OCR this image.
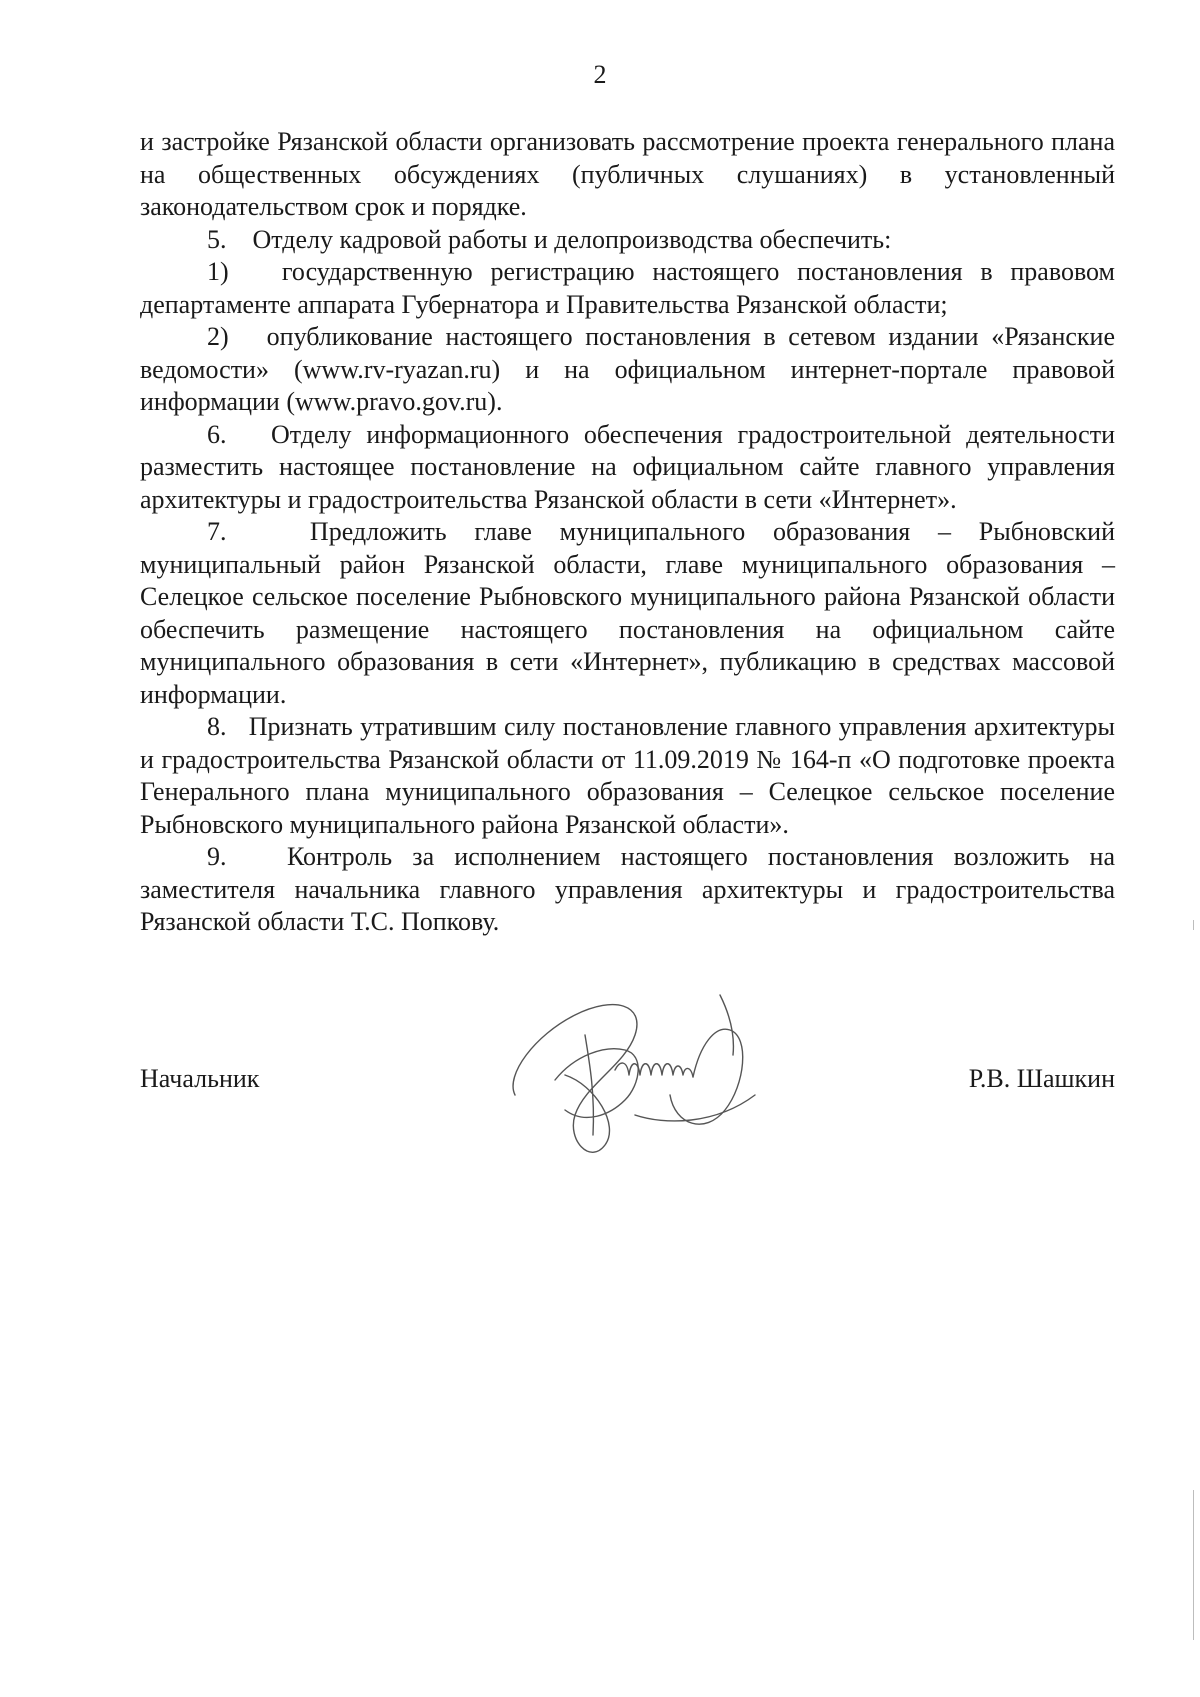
2

и застройке Рязанской области организовать рассмотрение проекта генерального плана на общественных обсуждениях (публичных слушаниях) в установленный законодательством срок и порядке.

5.    Отделу кадровой работы и делопроизводства обеспечить:

1)   государственную регистрацию настоящего постановления в правовом департаменте аппарата Губернатора и Правительства Рязанской области;

2)   опубликование настоящего постановления в сетевом издании «Рязанские ведомости» (www.rv-ryazan.ru) и на официальном интернет-портале правовой информации (www.pravo.gov.ru).

6.   Отделу информационного обеспечения градостроительной деятельности разместить настоящее постановление на официальном сайте главного управления архитектуры и градостроительства Рязанской области в сети «Интернет».

7.   Предложить главе муниципального образования – Рыбновский муниципальный район Рязанской области, главе муниципального образования – Селецкое сельское поселение Рыбновского муниципального района Рязанской области обеспечить размещение настоящего постановления на официальном сайте муниципального образования в сети «Интернет», публикацию в средствах массовой информации.

8.   Признать утратившим силу постановление главного управления архитектуры и градостроительства Рязанской области от 11.09.2019 № 164-п «О подготовке проекта Генерального плана муниципального образования – Селецкое сельское поселение Рыбновского муниципального района Рязанской области».

9.   Контроль за исполнением настоящего постановления возложить на заместителя начальника главного управления архитектуры и градостроительства Рязанской области Т.С. Попкову.

Начальник	Р.В. Шашкин
